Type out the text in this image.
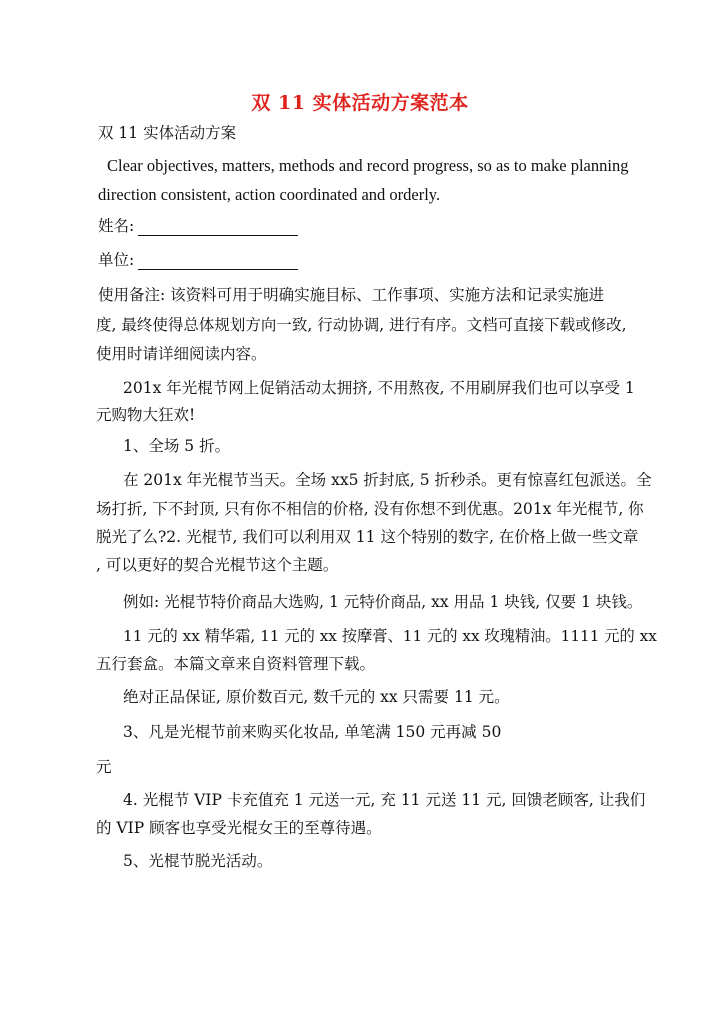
双 11 实体活动方案范本
双 11 实体活动方案
Clear objectives, matters, methods and record progress, so as to make planning
direction consistent, action coordinated and orderly.
姓名:
单位:
使用备注: 该资料可用于明确实施目标、工作事项、实施方法和记录实施进
度, 最终使得总体规划方向一致, 行动协调, 进行有序。文档可直接下载或修改,
使用时请详细阅读内容。
201x 年光棍节网上促销活动太拥挤, 不用熬夜, 不用刷屏我们也可以享受 1
元购物大狂欢!
1、全场 5 折。
在 201x 年光棍节当天。全场 xx5 折封底, 5 折秒杀。更有惊喜红包派送。全
场打折, 下不封顶, 只有你不相信的价格, 没有你想不到优惠。201x 年光棍节, 你
脱光了么?2. 光棍节, 我们可以利用双 11 这个特别的数字, 在价格上做一些文章
, 可以更好的契合光棍节这个主题。
例如: 光棍节特价商品大选购, 1 元特价商品, xx 用品 1 块钱, 仅要 1 块钱。
11 元的 xx 精华霜, 11 元的 xx 按摩膏、11 元的 xx 玫瑰精油。1111 元的 xx
五行套盒。本篇文章来自资料管理下载。
绝对正品保证, 原价数百元, 数千元的 xx 只需要 11 元。
3、凡是光棍节前来购买化妆品, 单笔满 150 元再减 50
元
4. 光棍节 VIP 卡充值充 1 元送一元, 充 11 元送 11 元, 回馈老顾客, 让我们
的 VIP 顾客也享受光棍女王的至尊待遇。
5、光棍节脱光活动。
